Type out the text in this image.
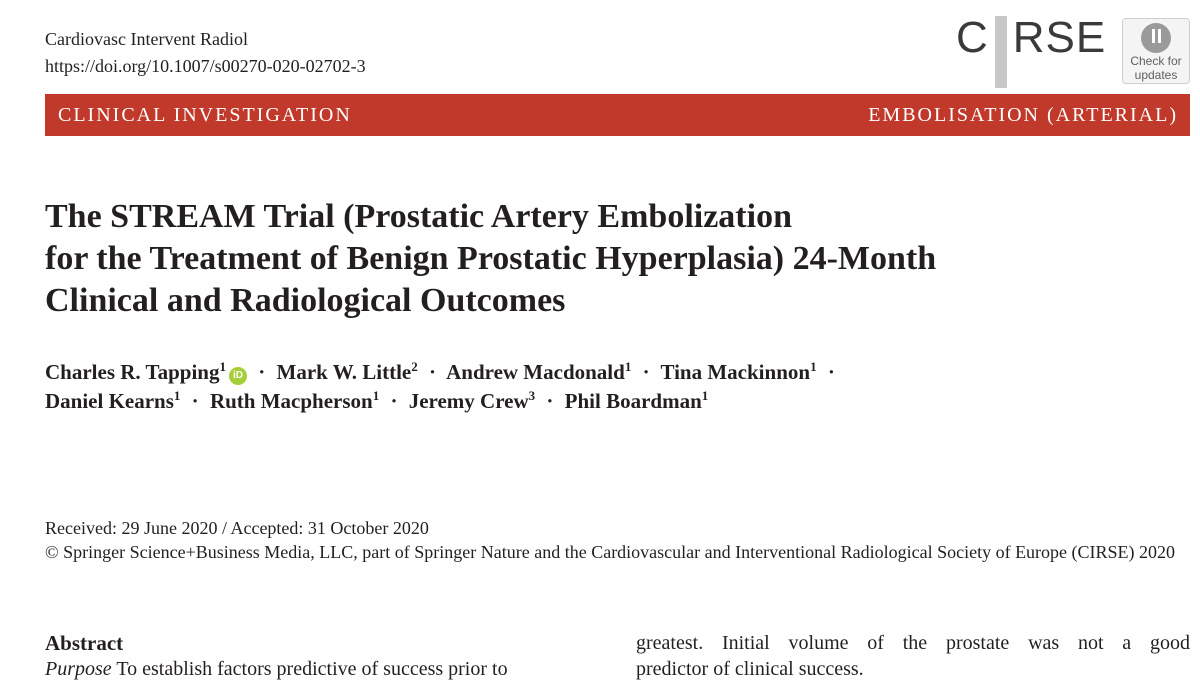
Cardiovasc Intervent Radiol
https://doi.org/10.1007/s00270-020-02702-3
C RSE Check for
updates
CLINICAL INVESTIGATION	EMBOLISATION (ARTERIAL)
The STREAM Trial (Prostatic Artery Embolization
for the Treatment of Benign Prostatic Hyperplasia) 24-Month
Clinical and Radiological Outcomes
Charles R. Tapping$^1$iD · Mark W. Little$^2$ · Andrew Macdonald$^1$ · Tina Mackinnon$^1$ ·
Daniel Kearns$^1$ · Ruth Macpherson$^1$ · Jeremy Crew$^3$ · Phil Boardman$^1$
Received: 29 June 2020 / Accepted: 31 October 2020
© Springer Science+Business Media, LLC, part of Springer Nature and the Cardiovascular and Interventional Radiological Society of Europe (CIRSE) 2020
Abstract
Purpose To establish factors predictive of success prior to
greatest. Initial volume of the prostate was not a good
predictor of clinical success.
